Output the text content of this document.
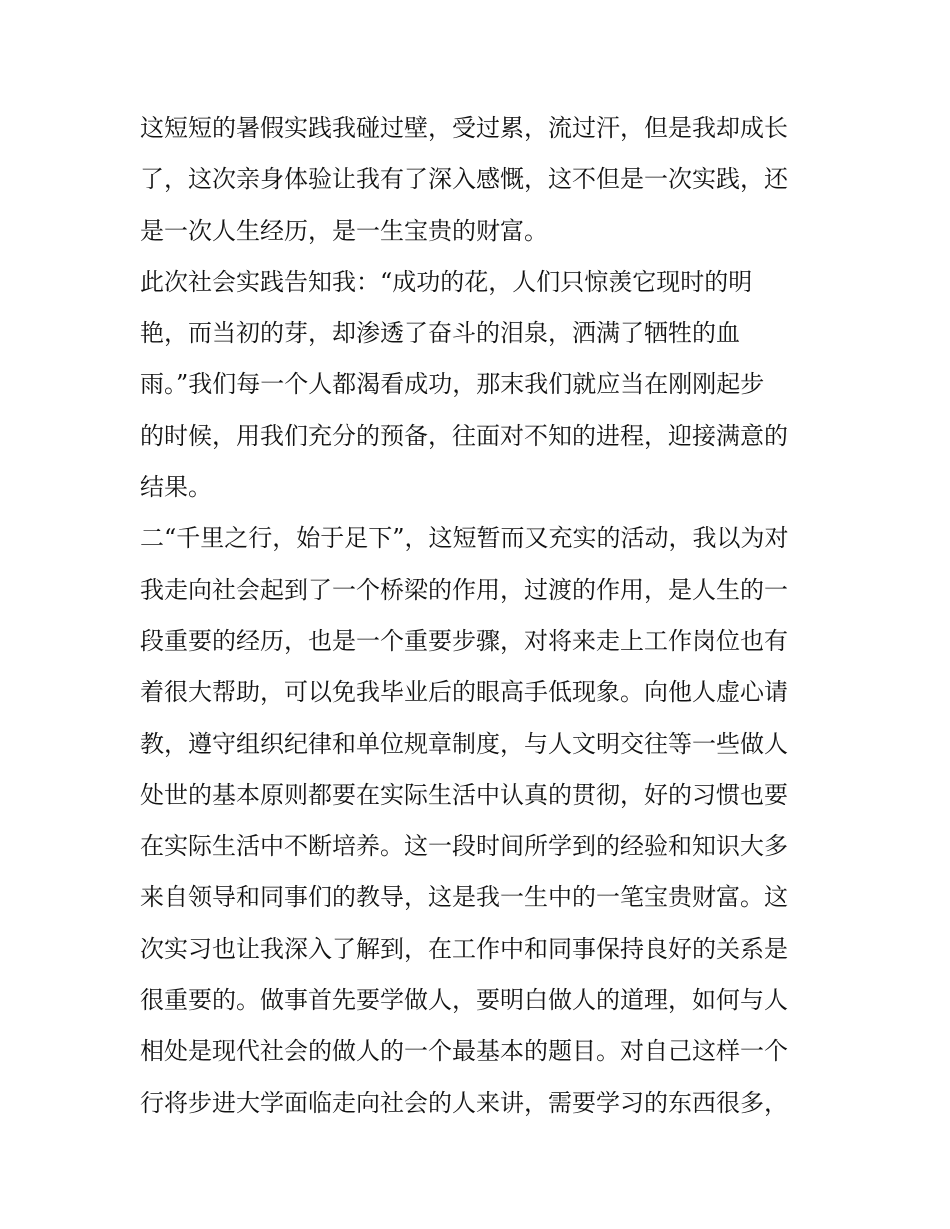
这短短的暑假实践我碰过壁，受过累，流过汗，但是我却成长
了，这次亲身体验让我有了深入感慨，这不但是一次实践，还
是一次人生经历，是一生宝贵的财富。
此次社会实践告知我：“成功的花，人们只惊羡它现时的明
艳，而当初的芽，却渗透了奋斗的泪泉，洒满了牺牲的血
雨。”我们每一个人都渴看成功，那末我们就应当在刚刚起步
的时候，用我们充分的预备，往面对不知的进程，迎接满意的
结果。
二“千里之行，始于足下”，这短暂而又充实的活动，我以为对
我走向社会起到了一个桥梁的作用，过渡的作用，是人生的一
段重要的经历，也是一个重要步骤，对将来走上工作岗位也有
着很大帮助，可以免我毕业后的眼高手低现象。向他人虚心请
教，遵守组织纪律和单位规章制度，与人文明交往等一些做人
处世的基本原则都要在实际生活中认真的贯彻，好的习惯也要
在实际生活中不断培养。这一段时间所学到的经验和知识大多
来自领导和同事们的教导，这是我一生中的一笔宝贵财富。这
次实习也让我深入了解到，在工作中和同事保持良好的关系是
很重要的。做事首先要学做人，要明白做人的道理，如何与人
相处是现代社会的做人的一个最基本的题目。对自己这样一个
行将步进大学面临走向社会的人来讲，需要学习的东西很多，
